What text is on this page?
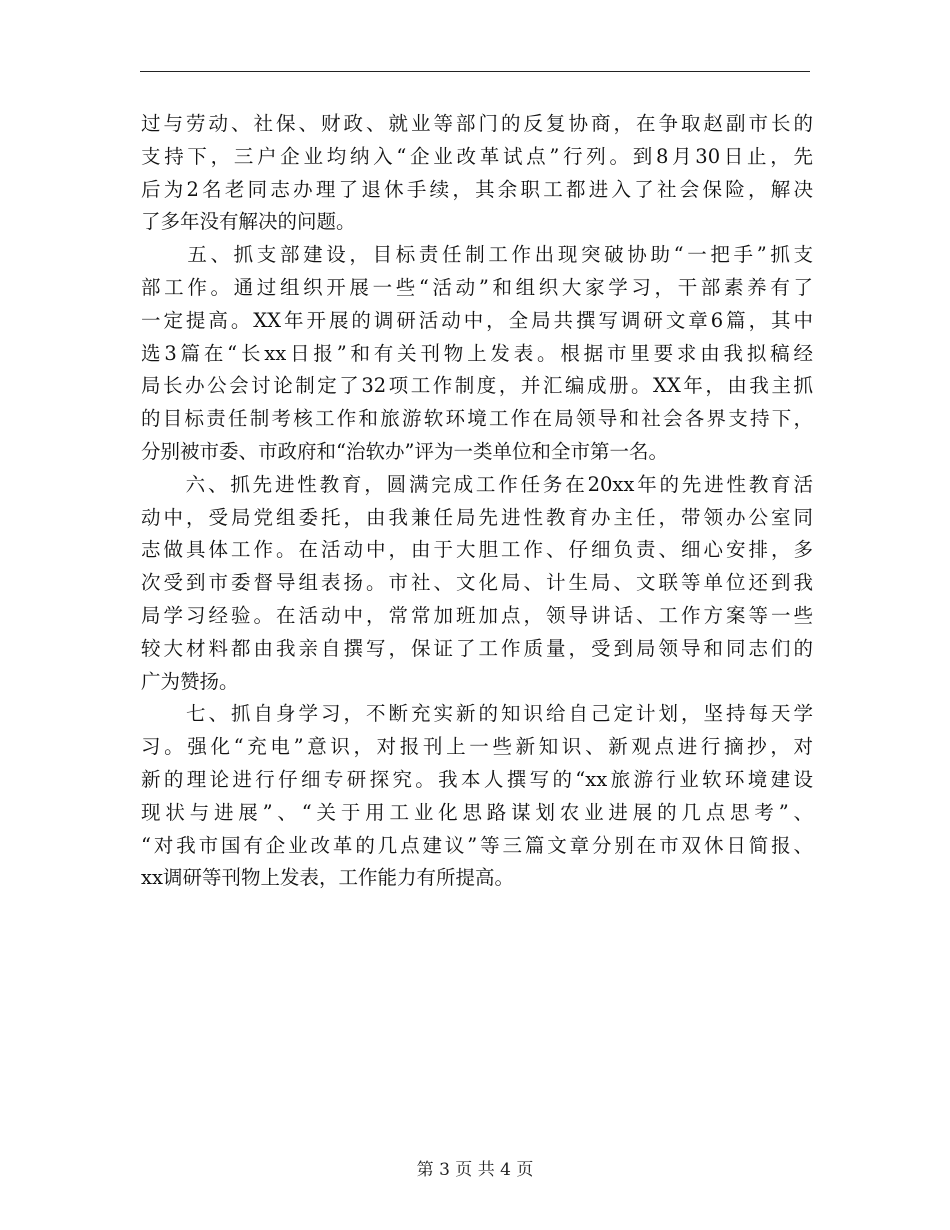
过与劳动、社保、财政、就业等部门的反复协商，在争取赵副市长的
支持下，三户企业均纳入“企业改革试点”行列。到8月30日止，先
后为2名老同志办理了退休手续，其余职工都进入了社会保险，解决
了多年没有解决的问题。
　　五、抓支部建设，目标责任制工作出现突破协助“一把手”抓支
部工作。通过组织开展一些“活动”和组织大家学习，干部素养有了
一定提高。XX年开展的调研活动中，全局共撰写调研文章6篇，其中
选3篇在“长xx日报”和有关刊物上发表。根据市里要求由我拟稿经
局长办公会讨论制定了32项工作制度，并汇编成册。XX年，由我主抓
的目标责任制考核工作和旅游软环境工作在局领导和社会各界支持下，
分别被市委、市政府和“治软办”评为一类单位和全市第一名。
　　六、抓先进性教育，圆满完成工作任务在20xx年的先进性教育活
动中，受局党组委托，由我兼任局先进性教育办主任，带领办公室同
志做具体工作。在活动中，由于大胆工作、仔细负责、细心安排，多
次受到市委督导组表扬。市社、文化局、计生局、文联等单位还到我
局学习经验。在活动中，常常加班加点，领导讲话、工作方案等一些
较大材料都由我亲自撰写，保证了工作质量，受到局领导和同志们的
广为赞扬。
　　七、抓自身学习，不断充实新的知识给自己定计划，坚持每天学
习。强化“充电”意识，对报刊上一些新知识、新观点进行摘抄，对
新的理论进行仔细专研探究。我本人撰写的“xx旅游行业软环境建设
现状与进展”、“关于用工业化思路谋划农业进展的几点思考”、
“对我市国有企业改革的几点建议”等三篇文章分别在市双休日简报、
xx调研等刊物上发表，工作能力有所提高。
第 3 页 共 4 页
